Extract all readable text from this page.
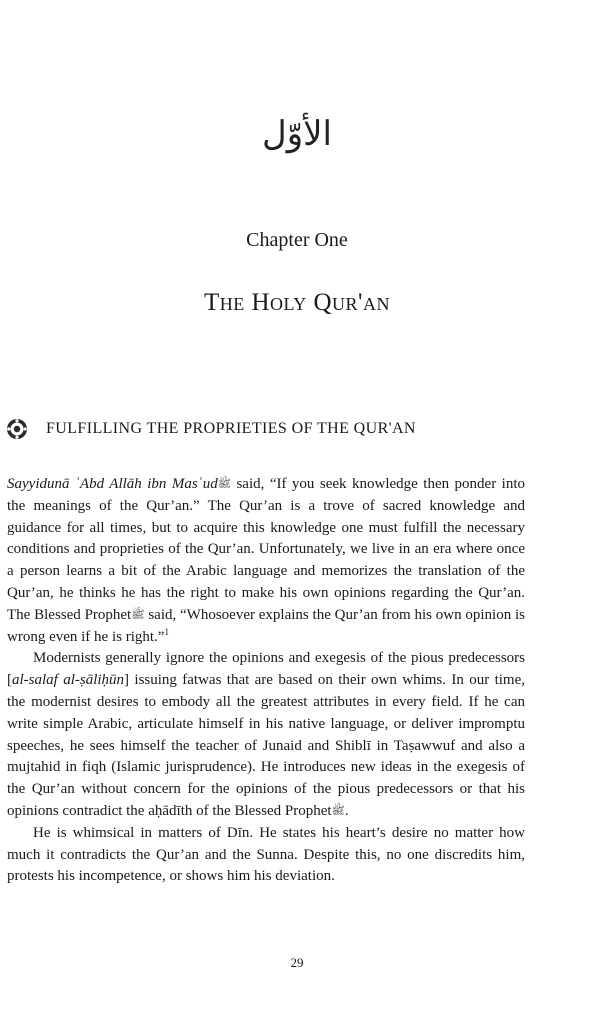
الأوّل
Chapter One
The Holy Qur'an
FULFILLING THE PROPRIETIES OF THE QUR'AN

Sayyidunā ʿAbd Allāh ibn Masʿudﷺ said, “If you seek knowledge then ponder into the meanings of the Qur’an.” The Qur’an is a trove of sacred knowledge and guidance for all times, but to acquire this knowledge one must fulfill the necessary conditions and proprieties of the Qur’an. Unfortunately, we live in an era where once a person learns a bit of the Arabic language and memorizes the translation of the Qur’an, he thinks he has the right to make his own opinions regarding the Qur’an. The Blessed Prophetﷺ said, “Whosoever explains the Qur’an from his own opinion is wrong even if he is right.”$^1$

Modernists generally ignore the opinions and exegesis of the pious predecessors [al-salaf al-ṣāliḥūn] issuing fatwas that are based on their own whims. In our time, the modernist desires to embody all the greatest attributes in every field. If he can write simple Arabic, articulate himself in his native language, or deliver impromptu speeches, he sees himself the teacher of Junaid and Shiblī in Taṣawwuf and also a mujtahid in fiqh (Islamic jurisprudence). He introduces new ideas in the exegesis of the Qur’an without concern for the opinions of the pious predecessors or that his opinions contradict the aḥādīth of the Blessed Prophetﷺ.

He is whimsical in matters of Dīn. He states his heart’s desire no matter how much it contradicts the Qur’an and the Sunna. Despite this, no one discredits him, protests his incompetence, or shows him his deviation.

29
